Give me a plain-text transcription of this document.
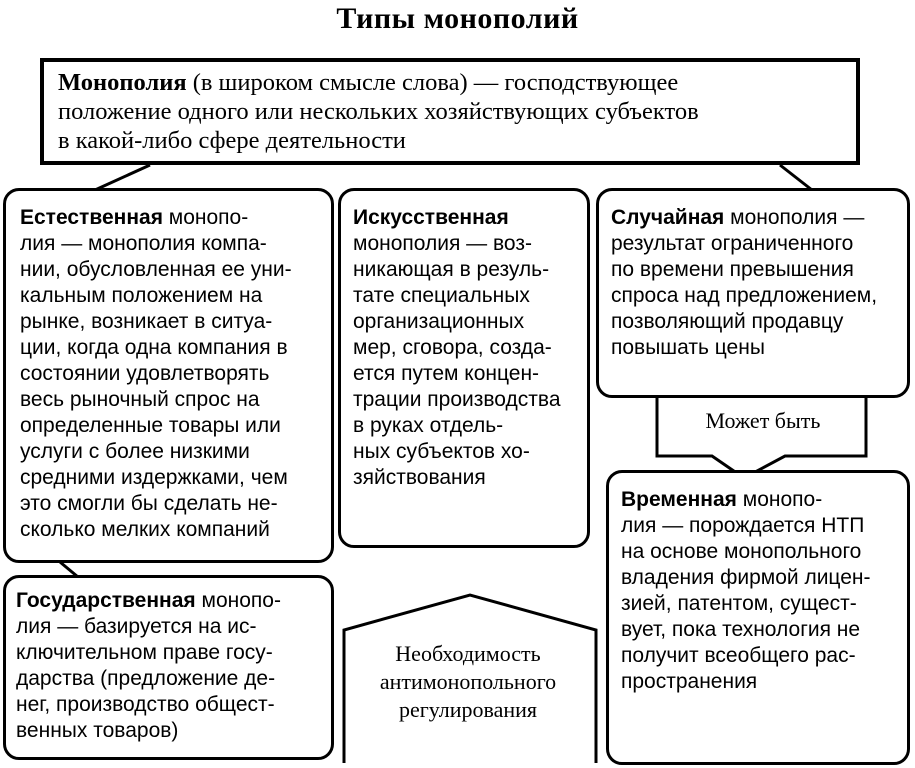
Типы монополий
Монополия (в широком смысле слова) — господствующее
положение одного или нескольких хозяйствующих субъектов
в какой-либо сфере деятельности
Естественная монопо-
лия — монополия компа-
нии, обусловленная ее уни-
кальным положением на
рынке, возникает в ситуа-
ции, когда одна компания в
состоянии удовлетворять
весь рыночный спрос на
определенные товары или
услуги с более низкими
средними издержками, чем
это смогли бы сделать не-
сколько мелких компаний
Искусственная
монополия — воз-
никающая в резуль-
тате специальных
организационных
мер, сговора, созда-
ется путем концен-
трации производства
в руках отдель-
ных субъектов хо-
зяйствования
Случайная монополия —
результат ограниченного
по времени превышения
спроса над предложением,
позволяющий продавцу
повышать цены
Может быть
Временная монопо-
лия — порождается НТП
на основе монопольного
владения фирмой лицен-
зией, патентом, сущест-
вует, пока технология не
получит всеобщего рас-
пространения
Государственная монопо-
лия — базируется на ис-
ключительном праве госу-
дарства (предложение де-
нег, производство общест-
венных товаров)
Необходимость
антимонопольного
регулирования
